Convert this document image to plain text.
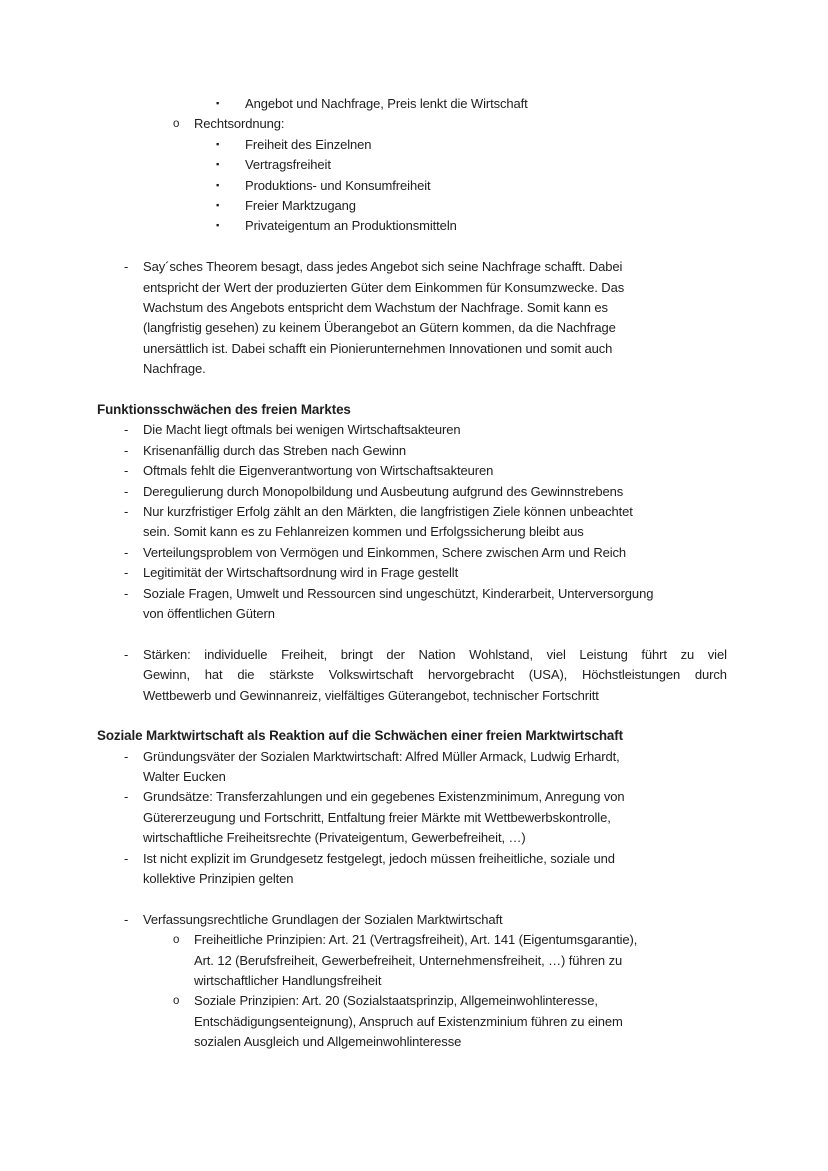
▪	Angebot und Nachfrage, Preis lenkt die Wirtschaft
o	Rechtsordnung:
▪	Freiheit des Einzelnen
▪	Vertragsfreiheit
▪	Produktions- und Konsumfreiheit
▪	Freier Marktzugang
▪	Privateigentum an Produktionsmitteln
-	Say´sches Theorem besagt, dass jedes Angebot sich seine Nachfrage schafft. Dabei
entspricht der Wert der produzierten Güter dem Einkommen für Konsumzwecke. Das
Wachstum des Angebots entspricht dem Wachstum der Nachfrage. Somit kann es
(langfristig gesehen) zu keinem Überangebot an Gütern kommen, da die Nachfrage
unersättlich ist. Dabei schafft ein Pionierunternehmen Innovationen und somit auch
Nachfrage.
Funktionsschwächen des freien Marktes
-	Die Macht liegt oftmals bei wenigen Wirtschaftsakteuren
-	Krisenanfällig durch das Streben nach Gewinn
-	Oftmals fehlt die Eigenverantwortung von Wirtschaftsakteuren
-	Deregulierung durch Monopolbildung und Ausbeutung aufgrund des Gewinnstrebens
-	Nur kurzfristiger Erfolg zählt an den Märkten, die langfristigen Ziele können unbeachtet
sein. Somit kann es zu Fehlanreizen kommen und Erfolgssicherung bleibt aus
-	Verteilungsproblem von Vermögen und Einkommen, Schere zwischen Arm und Reich
-	Legitimität der Wirtschaftsordnung wird in Frage gestellt
-	Soziale Fragen, Umwelt und Ressourcen sind ungeschützt, Kinderarbeit, Unterversorgung
von öffentlichen Gütern
-	Stärken: individuelle Freiheit, bringt der Nation Wohlstand, viel Leistung führt zu viel
Gewinn, hat die stärkste Volkswirtschaft hervorgebracht (USA), Höchstleistungen durch
Wettbewerb und Gewinnanreiz, vielfältiges Güterangebot, technischer Fortschritt
Soziale Marktwirtschaft als Reaktion auf die Schwächen einer freien Marktwirtschaft
-	Gründungsväter der Sozialen Marktwirtschaft: Alfred Müller Armack, Ludwig Erhardt,
Walter Eucken
-	Grundsätze: Transferzahlungen und ein gegebenes Existenzminimum, Anregung von
Gütererzeugung und Fortschritt, Entfaltung freier Märkte mit Wettbewerbskontrolle,
wirtschaftliche Freiheitsrechte (Privateigentum, Gewerbefreiheit, …)
-	Ist nicht explizit im Grundgesetz festgelegt, jedoch müssen freiheitliche, soziale und
kollektive Prinzipien gelten
-	Verfassungsrechtliche Grundlagen der Sozialen Marktwirtschaft
o	Freiheitliche Prinzipien: Art. 21 (Vertragsfreiheit), Art. 141 (Eigentumsgarantie),
Art. 12 (Berufsfreiheit, Gewerbefreiheit, Unternehmensfreiheit, …) führen zu
wirtschaftlicher Handlungsfreiheit
o	Soziale Prinzipien: Art. 20 (Sozialstaatsprinzip, Allgemeinwohlinteresse,
Entschädigungsenteignung), Anspruch auf Existenzminium führen zu einem
sozialen Ausgleich und Allgemeinwohlinteresse
